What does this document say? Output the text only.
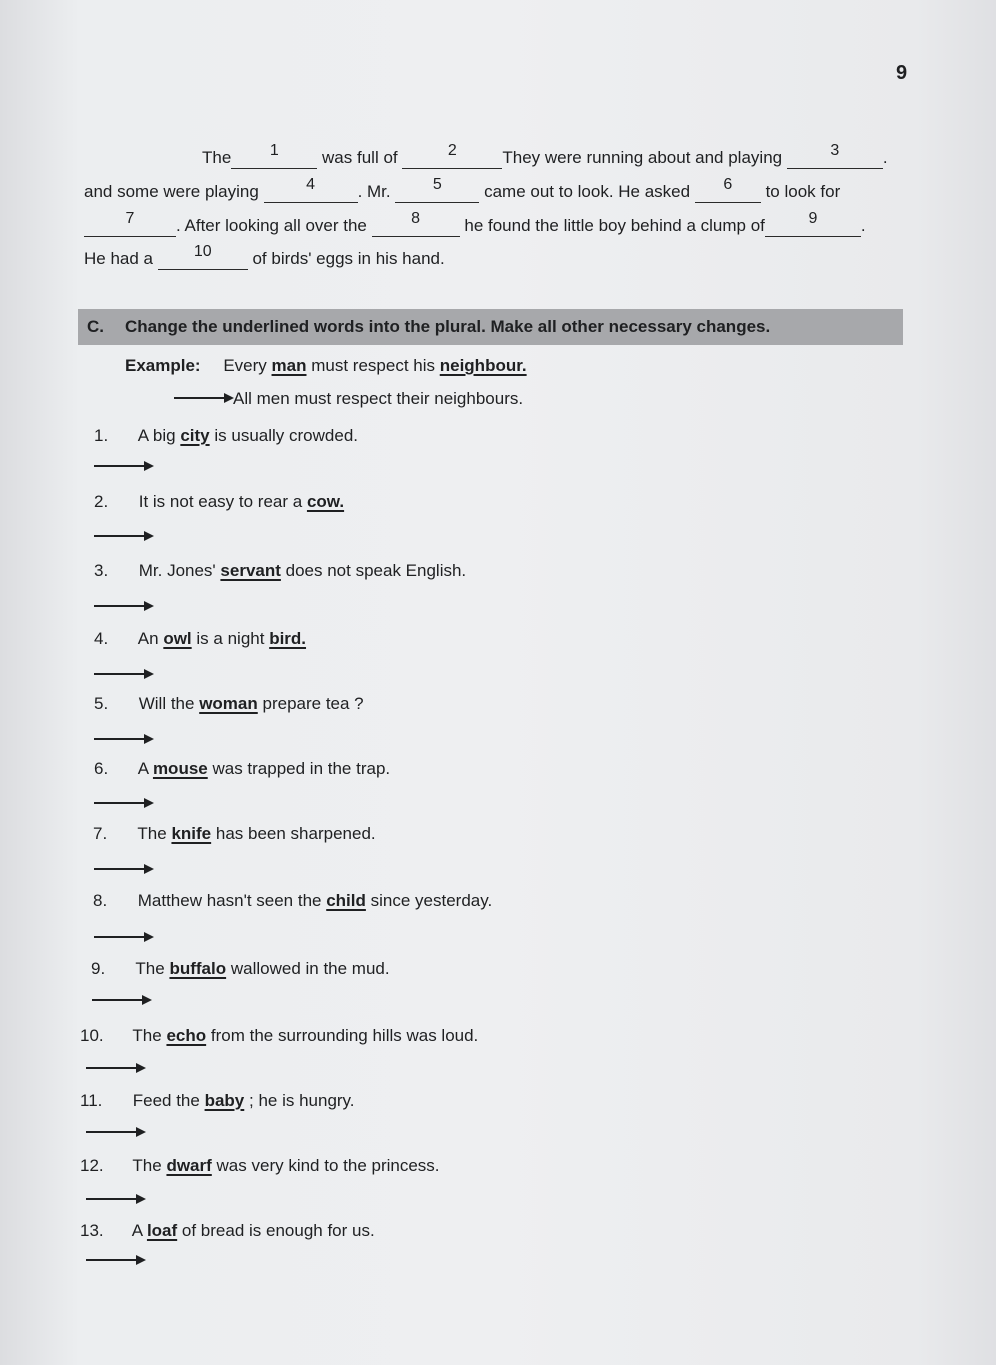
9
The 1	was full of	2	They were running about and playing	3	.
and some were playing	4	. Mr.	5 came out to look. He asked 6 to look for
7 . After looking all over the	8	he found the little boy behind a clump of	9	.
He had a	10 of birds' eggs in his hand.
C.	Change the underlined words into the plural. Make all other necessary changes.
Example: Every man must respect his neighbour.
All men must respect their neighbours.
1. A big city is usually crowded.
2. It is not easy to rear a cow.
3. Mr. Jones' servant does not speak English.
4. An owl is a night bird.
5. Will the woman prepare tea ?
6. A mouse was trapped in the trap.
7. The knife has been sharpened.
8. Matthew hasn't seen the child since yesterday.
9. The buffalo wallowed in the mud.
10. The echo from the surrounding hills was loud.
11. Feed the baby ; he is hungry.
12. The dwarf was very kind to the princess.
13. A loaf of bread is enough for us.
